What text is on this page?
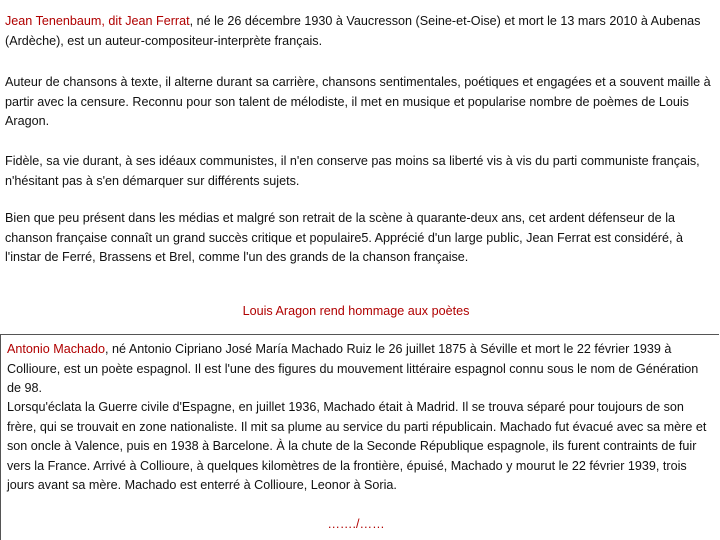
Jean Tenenbaum, dit Jean Ferrat, né le 26 décembre 1930 à Vaucresson (Seine-et-Oise) et mort le 13 mars 2010 à Aubenas (Ardèche), est un auteur-compositeur-interprète français.

Auteur de chansons à texte, il alterne durant sa carrière, chansons sentimentales, poétiques et engagées et a souvent maille à partir avec la censure. Reconnu pour son talent de mélodiste, il met en musique et popularise nombre de poèmes de Louis Aragon.

Fidèle, sa vie durant, à ses idéaux communistes, il n'en conserve pas moins sa liberté vis à vis du parti communiste français, n'hésitant pas à s'en démarquer sur différents sujets.

Bien que peu présent dans les médias et malgré son retrait de la scène à quarante-deux ans, cet ardent défenseur de la chanson française connaît un grand succès critique et populaire5. Apprécié d'un large public, Jean Ferrat est considéré, à l'instar de Ferré, Brassens et Brel, comme l'un des grands de la chanson française.

Louis Aragon rend hommage aux poètes

Antonio Machado, né Antonio Cipriano José María Machado Ruiz le 26 juillet 1875 à Séville et mort le 22 février 1939 à Collioure, est un poète espagnol. Il est l'une des figures du mouvement littéraire espagnol connu sous le nom de Génération de 98.

Lorsqu'éclata la Guerre civile d'Espagne, en juillet 1936, Machado était à Madrid. Il se trouva séparé pour toujours de son frère, qui se trouvait en zone nationaliste. Il mit sa plume au service du parti républicain. Machado fut évacué avec sa mère et son oncle à Valence, puis en 1938 à Barcelone. À la chute de la Seconde République espagnole, ils furent contraints de fuir vers la France. Arrivé à Collioure, à quelques kilomètres de la frontière, épuisé, Machado y mourut le 22 février 1939, trois jours avant sa mère. Machado est enterré à Collioure, Leonor à Soria.

……./……
